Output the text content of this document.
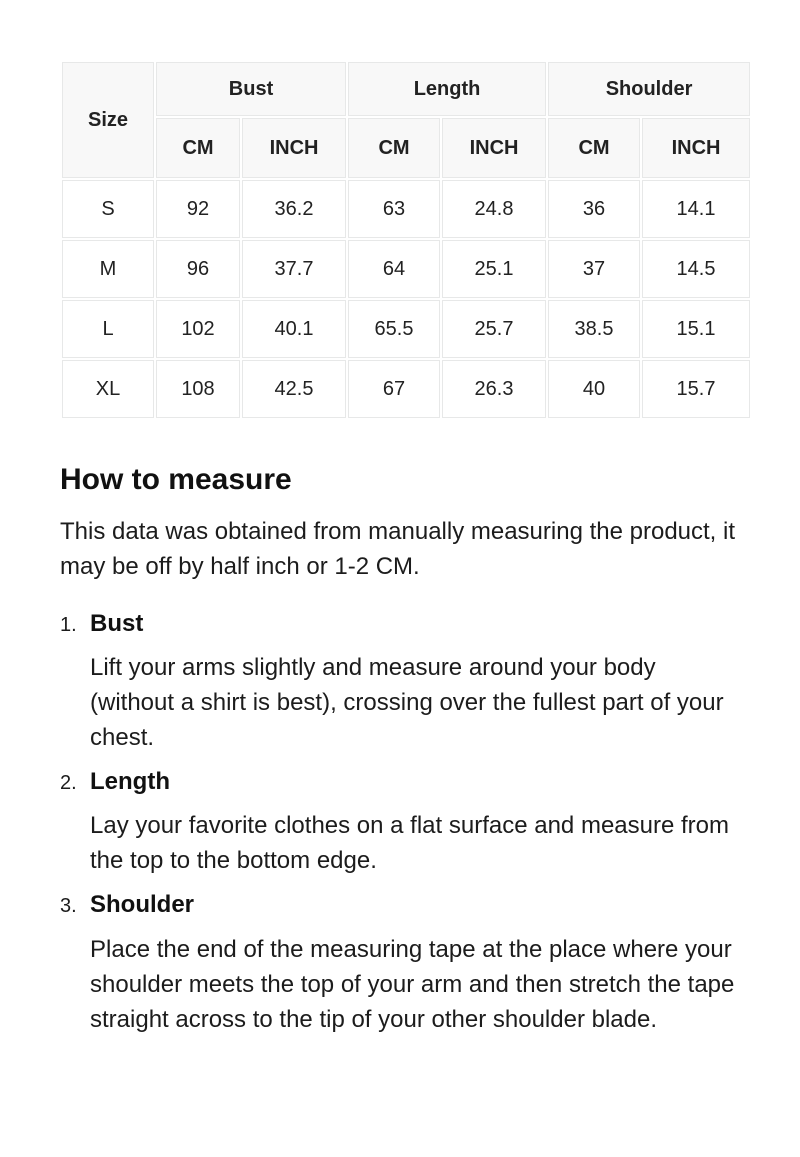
Size	Bust		Length		Shoulder	
	CM	INCH	CM	INCH	CM	INCH
S	92	36.2	63	24.8	36	14.1
M	96	37.7	64	25.1	37	14.5
L	102	40.1	65.5	25.7	38.5	15.1
XL	108	42.5	67	26.3	40	15.7
How to measure

This data was obtained from manually measuring the product, it may be off by half inch or 1-2 CM.

1. Bust

Lift your arms slightly and measure around your body (without a shirt is best), crossing over the fullest part of your chest.

2. Length

Lay your favorite clothes on a flat surface and measure from the top to the bottom edge.

3. Shoulder

Place the end of the measuring tape at the place where your shoulder meets the top of your arm and then stretch the tape straight across to the tip of your other shoulder blade.
